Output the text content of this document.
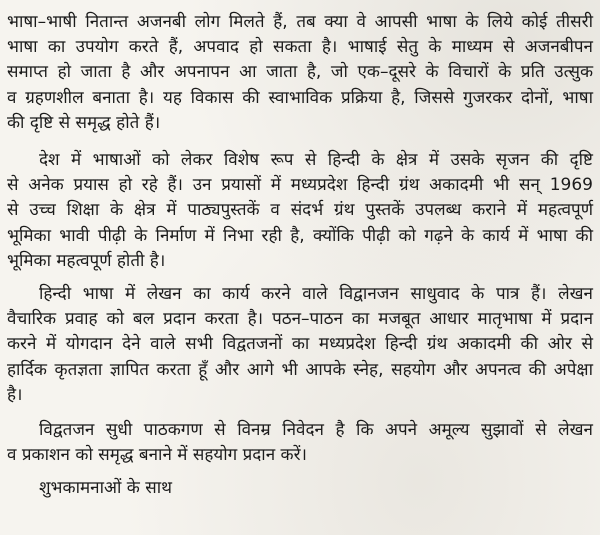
भाषा–भाषी नितान्त अजनबी लोग मिलते हैं, तब क्या वे आपसी भाषा के लिये कोई तीसरी
भाषा का उपयोग करते हैं, अपवाद हो सकता है। भाषाई सेतु के माध्यम से अजनबीपन
समाप्त हो जाता है और अपनापन आ जाता है, जो एक–दूसरे के विचारों के प्रति उत्सुक
व ग्रहणशील बनाता है। यह विकास की स्वाभाविक प्रक्रिया है, जिससे गुजरकर दोनों, भाषा
की दृष्टि से समृद्ध होते हैं।

देश में भाषाओं को लेकर विशेष रूप से हिन्दी के क्षेत्र में उसके सृजन की दृष्टि
से अनेक प्रयास हो रहे हैं। उन प्रयासों में मध्यप्रदेश हिन्दी ग्रंथ अकादमी भी सन् 1969
से उच्च शिक्षा के क्षेत्र में पाठ्यपुस्तकें व संदर्भ ग्रंथ पुस्तकें उपलब्ध कराने में महत्वपूर्ण
भूमिका भावी पीढ़ी के निर्माण में निभा रही है, क्योंकि पीढ़ी को गढ़ने के कार्य में भाषा की
भूमिका महत्वपूर्ण होती है।

हिन्दी भाषा में लेखन का कार्य करने वाले विद्वानजन साधुवाद के पात्र हैं। लेखन
वैचारिक प्रवाह को बल प्रदान करता है। पठन–पाठन का मजबूत आधार मातृभाषा में प्रदान
करने में योगदान देने वाले सभी विद्वतजनों का मध्यप्रदेश हिन्दी ग्रंथ अकादमी की ओर से
हार्दिक कृतज्ञता ज्ञापित करता हूँ और आगे भी आपके स्नेह, सहयोग और अपनत्व की अपेक्षा
है।

विद्वतजन सुधी पाठकगण से विनम्र निवेदन है कि अपने अमूल्य सुझावों से लेखन
व प्रकाशन को समृद्ध बनाने में सहयोग प्रदान करें।

शुभकामनाओं के साथ
